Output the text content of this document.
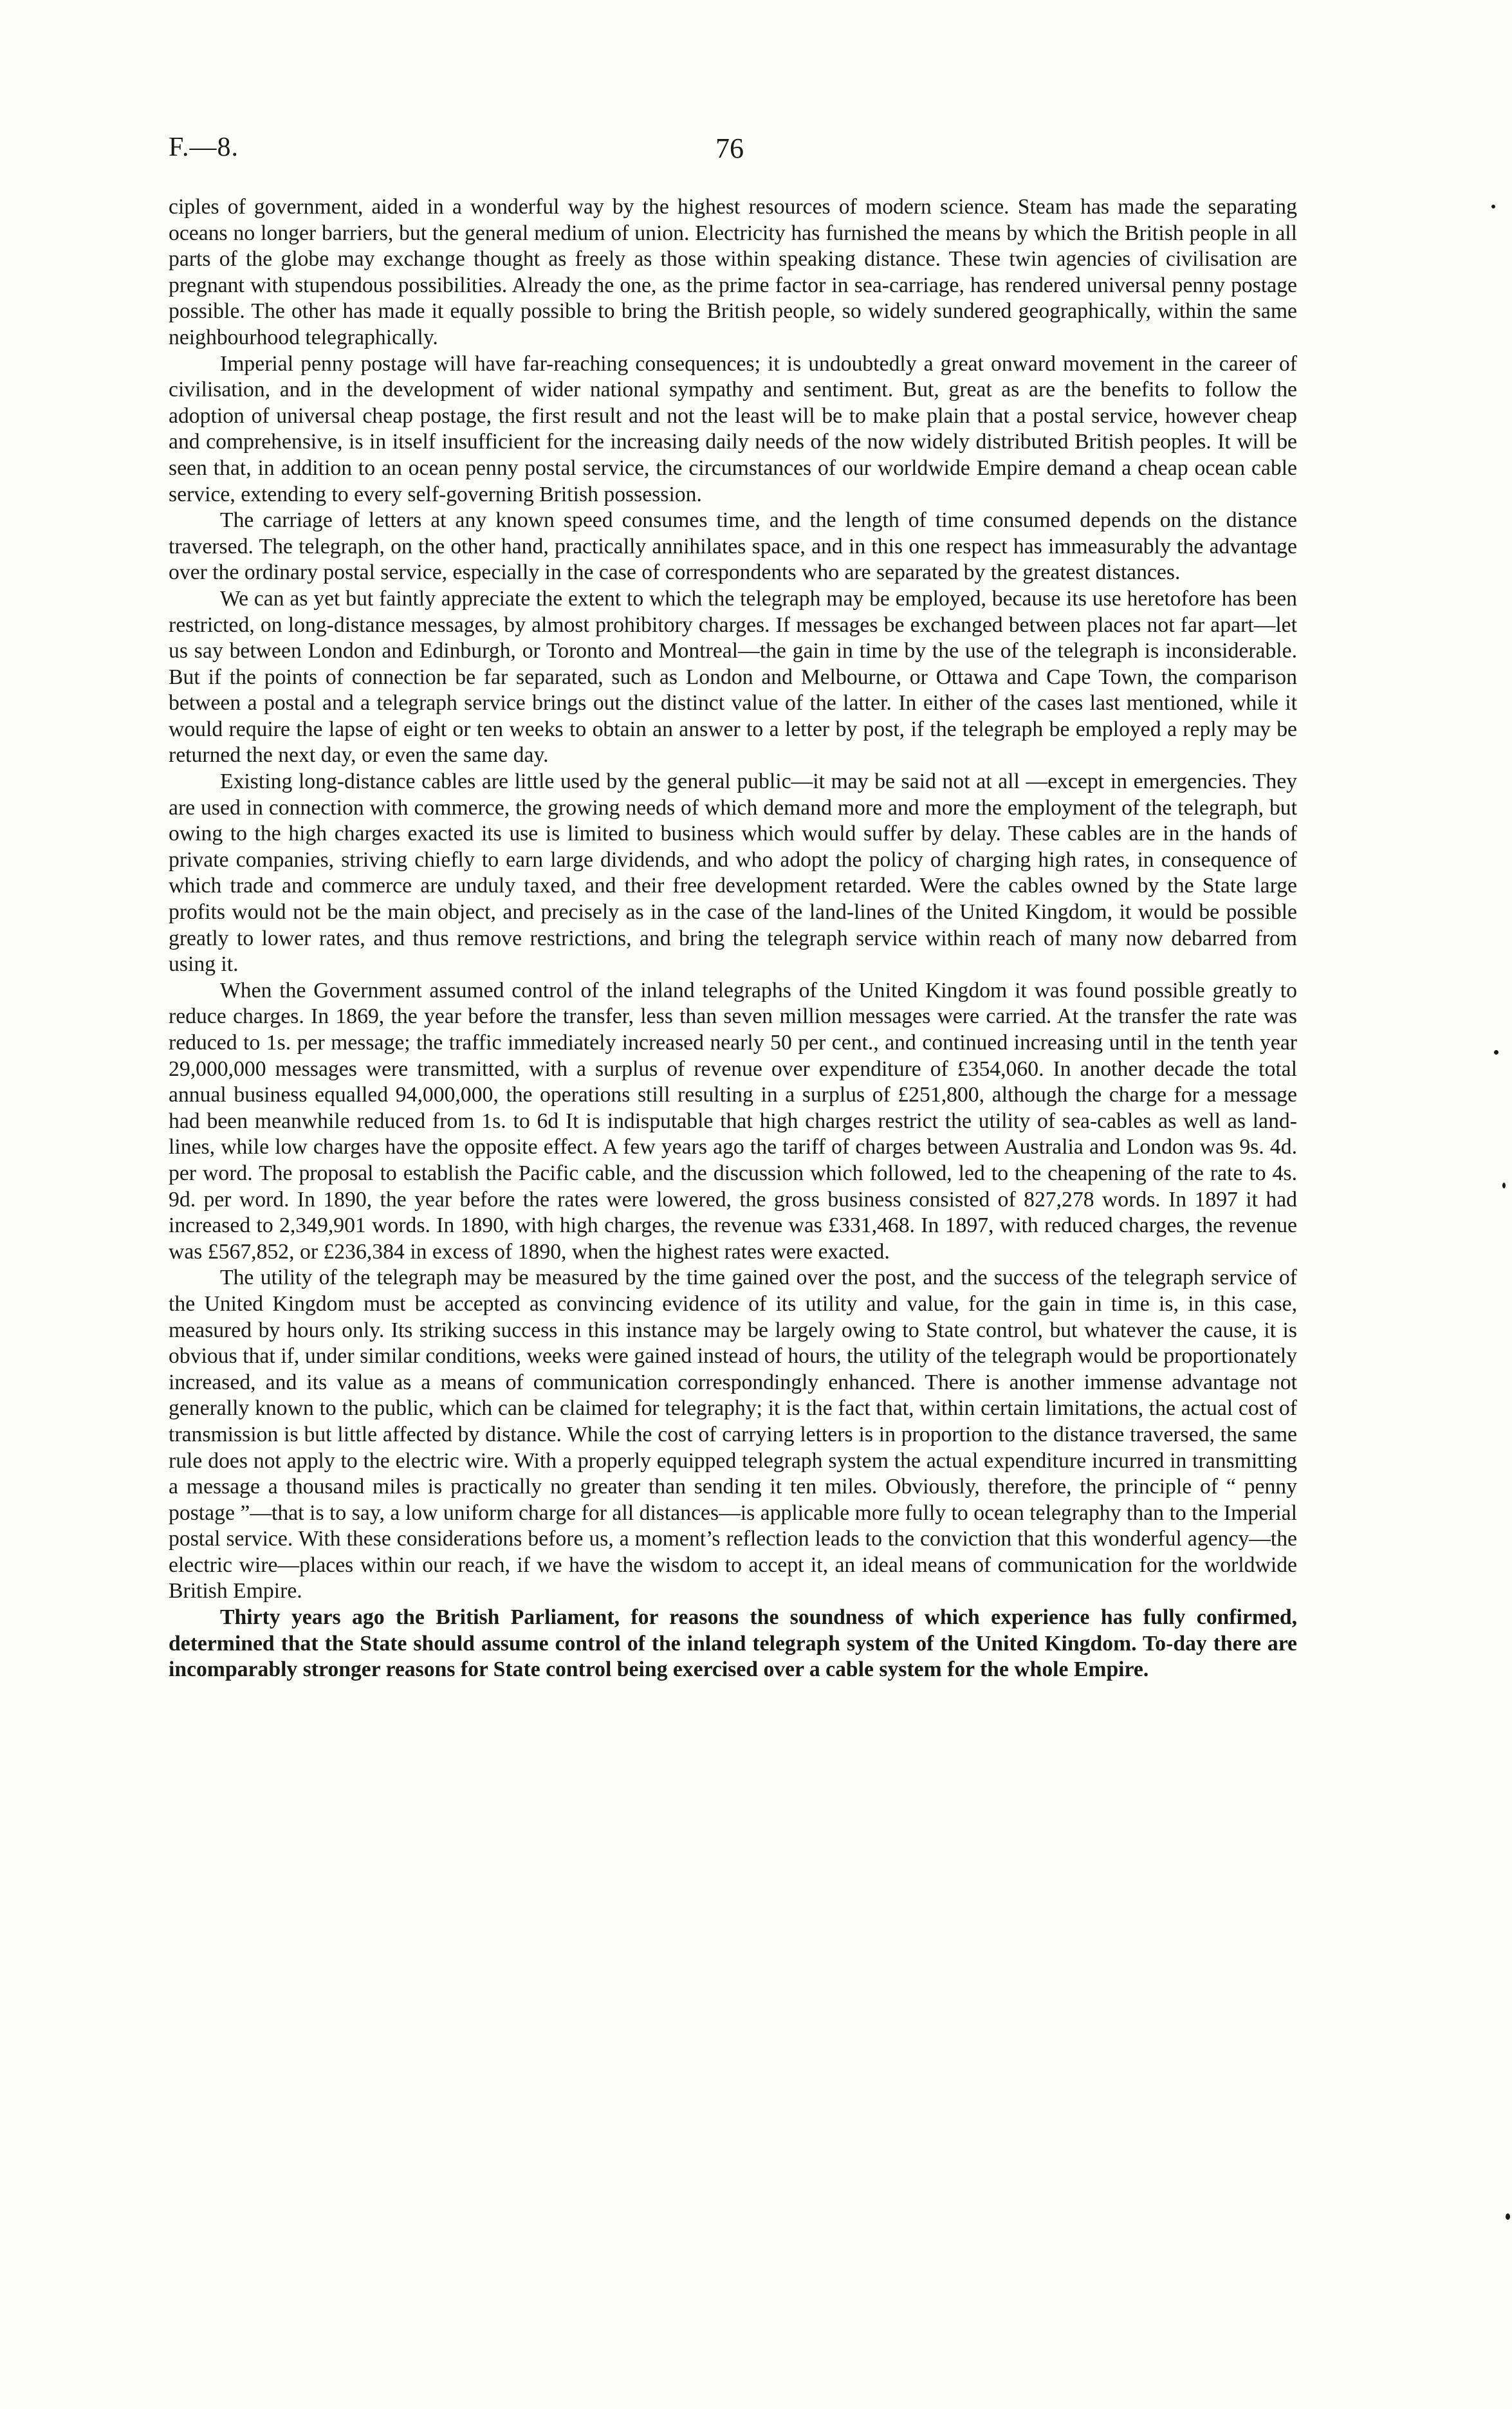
F.—8.	76

ciples of government, aided in a wonderful way by the highest resources of modern science. Steam has made the separating oceans no longer barriers, but the general medium of union. Electricity has furnished the means by which the British people in all parts of the globe may exchange thought as freely as those within speaking distance. These twin agencies of civilisation are pregnant with stupendous possibilities. Already the one, as the prime factor in sea-carriage, has rendered universal penny postage possible. The other has made it equally possible to bring the British people, so widely sundered geographically, within the same neighbourhood telegraphically.

Imperial penny postage will have far-reaching consequences; it is undoubtedly a great onward movement in the career of civilisation, and in the development of wider national sympathy and sentiment. But, great as are the benefits to follow the adoption of universal cheap postage, the first result and not the least will be to make plain that a postal service, however cheap and comprehensive, is in itself insufficient for the increasing daily needs of the now widely distributed British peoples. It will be seen that, in addition to an ocean penny postal service, the circumstances of our worldwide Empire demand a cheap ocean cable service, extending to every self-governing British possession.

The carriage of letters at any known speed consumes time, and the length of time consumed depends on the distance traversed. The telegraph, on the other hand, practically annihilates space, and in this one respect has immeasurably the advantage over the ordinary postal service, especially in the case of correspondents who are separated by the greatest distances.

We can as yet but faintly appreciate the extent to which the telegraph may be employed, because its use heretofore has been restricted, on long-distance messages, by almost prohibitory charges. If messages be exchanged between places not far apart—let us say between London and Edinburgh, or Toronto and Montreal—the gain in time by the use of the telegraph is inconsiderable. But if the points of connection be far separated, such as London and Melbourne, or Ottawa and Cape Town, the comparison between a postal and a telegraph service brings out the distinct value of the latter. In either of the cases last mentioned, while it would require the lapse of eight or ten weeks to obtain an answer to a letter by post, if the telegraph be employed a reply may be returned the next day, or even the same day.

Existing long-distance cables are little used by the general public—it may be said not at all —except in emergencies. They are used in connection with commerce, the growing needs of which demand more and more the employment of the telegraph, but owing to the high charges exacted its use is limited to business which would suffer by delay. These cables are in the hands of private companies, striving chiefly to earn large dividends, and who adopt the policy of charging high rates, in consequence of which trade and commerce are unduly taxed, and their free development retarded. Were the cables owned by the State large profits would not be the main object, and precisely as in the case of the land-lines of the United Kingdom, it would be possible greatly to lower rates, and thus remove restrictions, and bring the telegraph service within reach of many now debarred from using it.

When the Government assumed control of the inland telegraphs of the United Kingdom it was found possible greatly to reduce charges. In 1869, the year before the transfer, less than seven million messages were carried. At the transfer the rate was reduced to 1s. per message; the traffic immediately increased nearly 50 per cent., and continued increasing until in the tenth year 29,000,000 messages were transmitted, with a surplus of revenue over expenditure of £354,060. In another decade the total annual business equalled 94,000,000, the operations still resulting in a surplus of £251,800, although the charge for a message had been meanwhile reduced from 1s. to 6d It is indisputable that high charges restrict the utility of sea-cables as well as land-lines, while low charges have the opposite effect. A few years ago the tariff of charges between Australia and London was 9s. 4d. per word. The proposal to establish the Pacific cable, and the discussion which followed, led to the cheapening of the rate to 4s. 9d. per word. In 1890, the year before the rates were lowered, the gross business consisted of 827,278 words. In 1897 it had increased to 2,349,901 words. In 1890, with high charges, the revenue was £331,468. In 1897, with reduced charges, the revenue was £567,852, or £236,384 in excess of 1890, when the highest rates were exacted.

The utility of the telegraph may be measured by the time gained over the post, and the success of the telegraph service of the United Kingdom must be accepted as convincing evidence of its utility and value, for the gain in time is, in this case, measured by hours only. Its striking success in this instance may be largely owing to State control, but whatever the cause, it is obvious that if, under similar conditions, weeks were gained instead of hours, the utility of the telegraph would be proportionately increased, and its value as a means of communication correspondingly enhanced. There is another immense advantage not generally known to the public, which can be claimed for telegraphy; it is the fact that, within certain limitations, the actual cost of transmission is but little affected by distance. While the cost of carrying letters is in proportion to the distance traversed, the same rule does not apply to the electric wire. With a properly equipped telegraph system the actual expenditure incurred in transmitting a message a thousand miles is practically no greater than sending it ten miles. Obviously, therefore, the principle of “ penny postage ”—that is to say, a low uniform charge for all distances—is applicable more fully to ocean telegraphy than to the Imperial postal service. With these considerations before us, a moment’s reflection leads to the conviction that this wonderful agency—the electric wire—places within our reach, if we have the wisdom to accept it, an ideal means of communication for the worldwide British Empire.

Thirty years ago the British Parliament, for reasons the soundness of which experience has fully confirmed, determined that the State should assume control of the inland telegraph system of the United Kingdom. To-day there are incomparably stronger reasons for State control being exercised over a cable system for the whole Empire.
